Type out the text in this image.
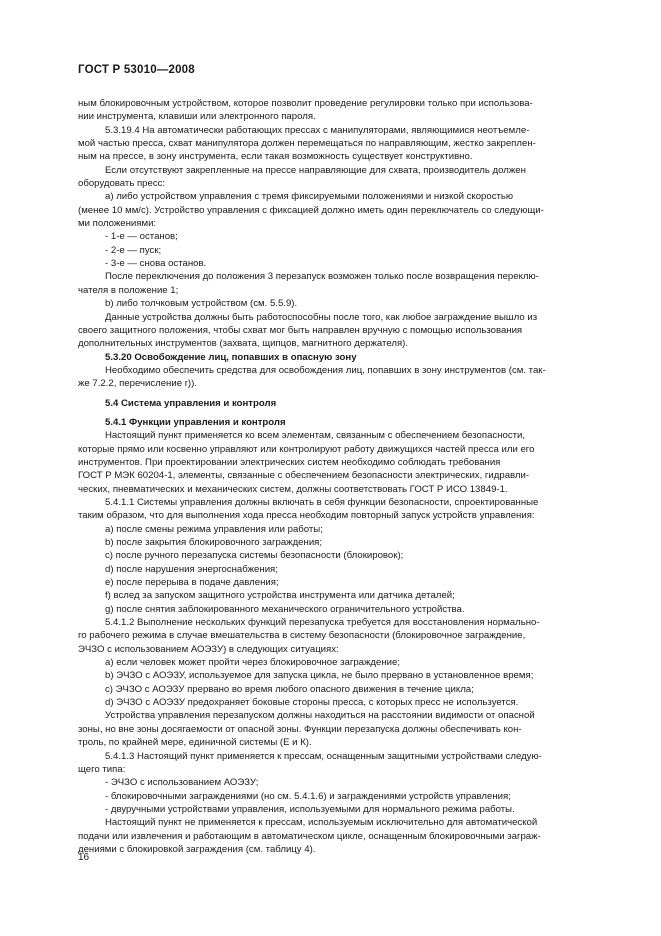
ГОСТ Р 53010—2008

ным блокировочным устройством, которое позволит проведение регулировки только при использова-

нии инструмента, клавиши или электронного пароля.

5.3.19.4 На автоматически работающих прессах с манипуляторами, являющимися неотъемле-

мой частью пресса, схват манипулятора должен перемещаться по направляющим, жестко закреплен-

ным на прессе, в зону инструмента, если такая возможность существует конструктивно.

Если отсутствуют закрепленные на прессе направляющие для схвата, производитель должен

оборудовать пресс:

а) либо устройством управления с тремя фиксируемыми положениями и низкой скоростью

(менее 10 мм/с). Устройство управления с фиксацией должно иметь один переключатель со следующи-

ми положениями:

- 1-е — останов;

- 2-е — пуск;

- 3-е — снова останов.

После переключения до положения 3 перезапуск возможен только после возвращения переклю-

чателя в положение 1;

b) либо толчковым устройством (см. 5.5.9).

Данные устройства должны быть работоспособны после того, как любое заграждение вышло из

своего защитного положения, чтобы схват мог быть направлен вручную с помощью использования

дополнительных инструментов (захвата, щипцов, магнитного держателя).

5.3.20 Освобождение лиц, попавших в опасную зону

Необходимо обеспечить средства для освобождения лиц, попавших в зону инструментов (см. так-

же 7.2.2, перечисление r)).

5.4 Система управления и контроля

5.4.1 Функции управления и контроля

Настоящий пункт применяется ко всем элементам, связанным с обеспечением безопасности,

которые прямо или косвенно управляют или контролируют работу движущихся частей пресса или его

инструментов. При проектировании электрических систем необходимо соблюдать требования

ГОСТ Р МЭК 60204-1, элементы, связанные с обеспечением безопасности электрических, гидравли-

ческих, пневматических и механических систем, должны соответствовать ГОСТ Р ИСО 13849-1.

5.4.1.1 Системы управления должны включать в себя функции безопасности, спроектированные

таким образом, что для выполнения хода пресса необходим повторный запуск устройств управления:

а) после смены режима управления или работы;

b) после закрытия блокировочного заграждения;

с) после ручного перезапуска системы безопасности (блокировок);

d) после нарушения энергоснабжения;

е) после перерыва в подаче давления;

f) вслед за запуском защитного устройства инструмента или датчика деталей;

g) после снятия заблокированного механического ограничительного устройства.

5.4.1.2 Выполнение нескольких функций перезапуска требуется для восстановления нормально-

го рабочего режима в случае вмешательства в систему безопасности (блокировочное заграждение,

ЭЧЗО с использованием АОЭЗУ) в следующих ситуациях:

а) если человек может пройти через блокировочное заграждение;

b) ЭЧЗО с АОЭЗУ, используемое для запуска цикла, не было прервано в установленное время;

с) ЭЧЗО с АОЭЗУ прервано во время любого опасного движения в течение цикла;

d) ЭЧЗО с АОЭЗУ предохраняет боковые стороны пресса, с которых пресс не используется.

Устройства управления перезапуском должны находиться на расстоянии видимости от опасной

зоны, но вне зоны досягаемости от опасной зоны. Функции перезапуска должны обеспечивать кон-

троль, по крайней мере, единичной системы (Е и К).

5.4.1.3 Настоящий пункт применяется к прессам, оснащенным защитными устройствами следую-

щего типа:

- ЭЧЗО с использованием АОЭЗУ;

- блокировочными заграждениями (но см. 5.4.1.6) и заграждениями устройств управления;

- двуручными устройствами управления, используемыми для нормального режима работы.

Настоящий пункт не применяется к прессам, используемым исключительно для автоматической

подачи или извлечения и работающим в автоматическом цикле, оснащенным блокировочными заграж-

дениями с блокировкой заграждения (см. таблицу 4).

16
